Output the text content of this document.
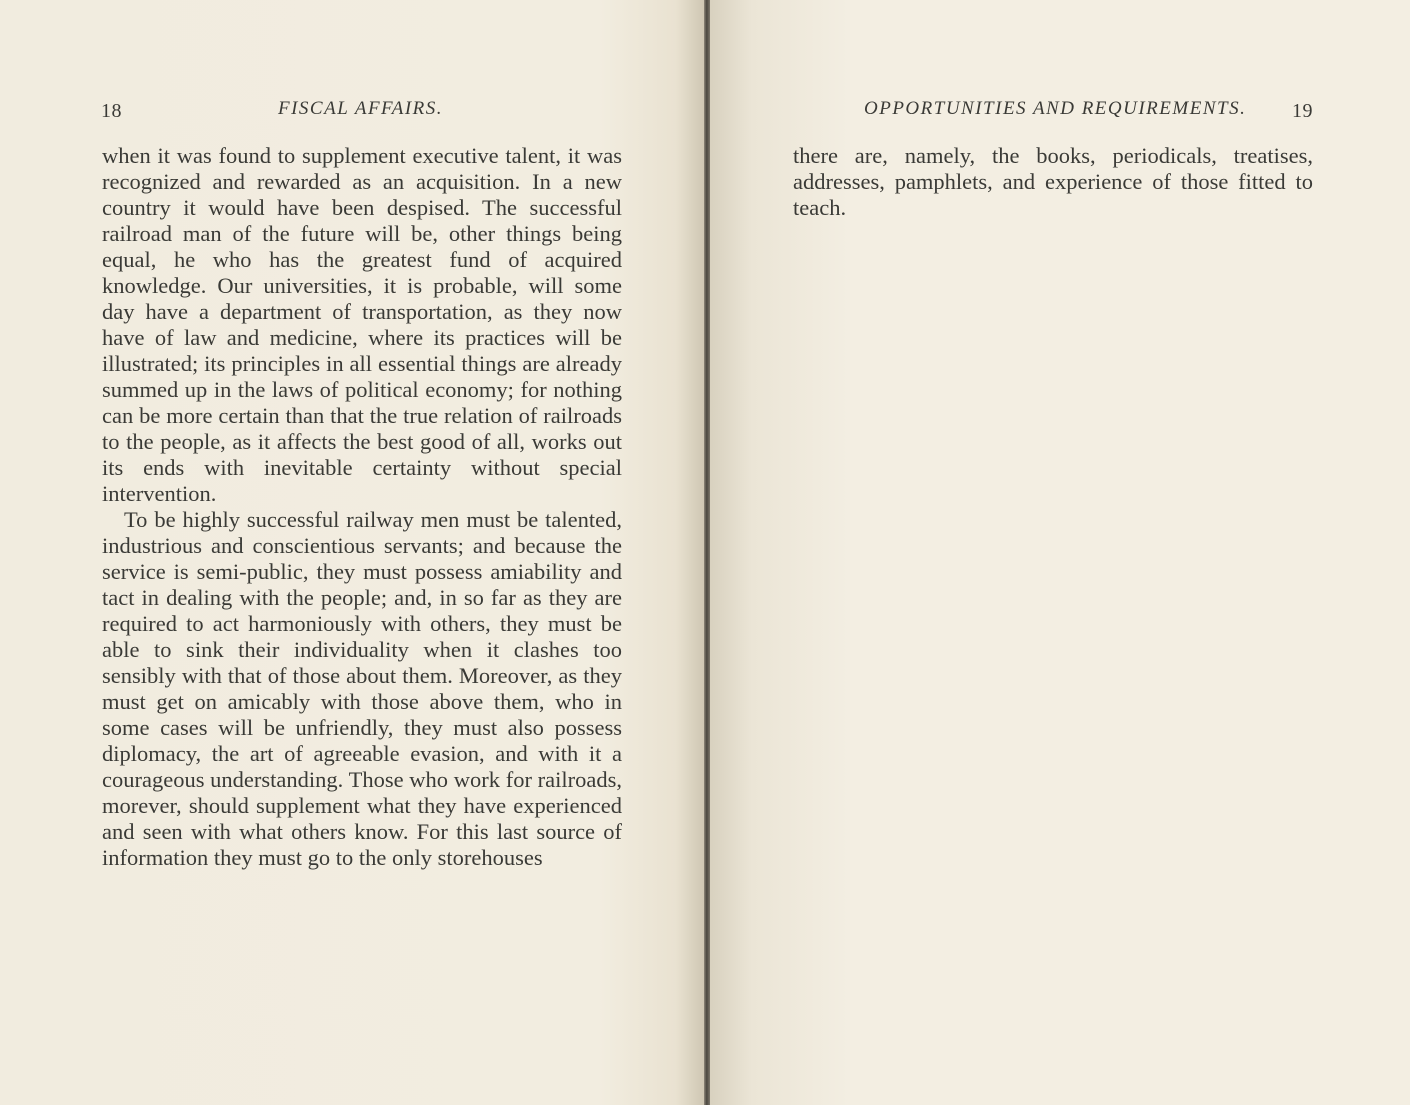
18	FISCAL AFFAIRS.

when it was found to supplement executive talent, it was recognized and rewarded as an acquisition. In a new country it would have been despised. The successful railroad man of the future will be, other things being equal, he who has the greatest fund of acquired knowledge. Our universities, it is probable, will some day have a department of transportation, as they now have of law and medicine, where its practices will be illustrated; its principles in all essential things are already summed up in the laws of political economy; for nothing can be more certain than that the true relation of railroads to the people, as it affects the best good of all, works out its ends with inevitable certainty without special intervention.

To be highly successful railway men must be talented, industrious and conscientious servants; and because the service is semi-public, they must possess amiability and tact in dealing with the people; and, in so far as they are required to act harmoniously with others, they must be able to sink their individuality when it clashes too sensibly with that of those about them. Moreover, as they must get on amicably with those above them, who in some cases will be unfriendly, they must also possess diplomacy, the art of agreeable evasion, and with it a courageous understanding. Those who work for railroads, morever, should supplement what they have experienced and seen with what others know. For this last source of information they must go to the only storehouses

OPPORTUNITIES AND REQUIREMENTS. 19

there are, namely, the books, periodicals, treatises, addresses, pamphlets, and experience of those fitted to teach.
